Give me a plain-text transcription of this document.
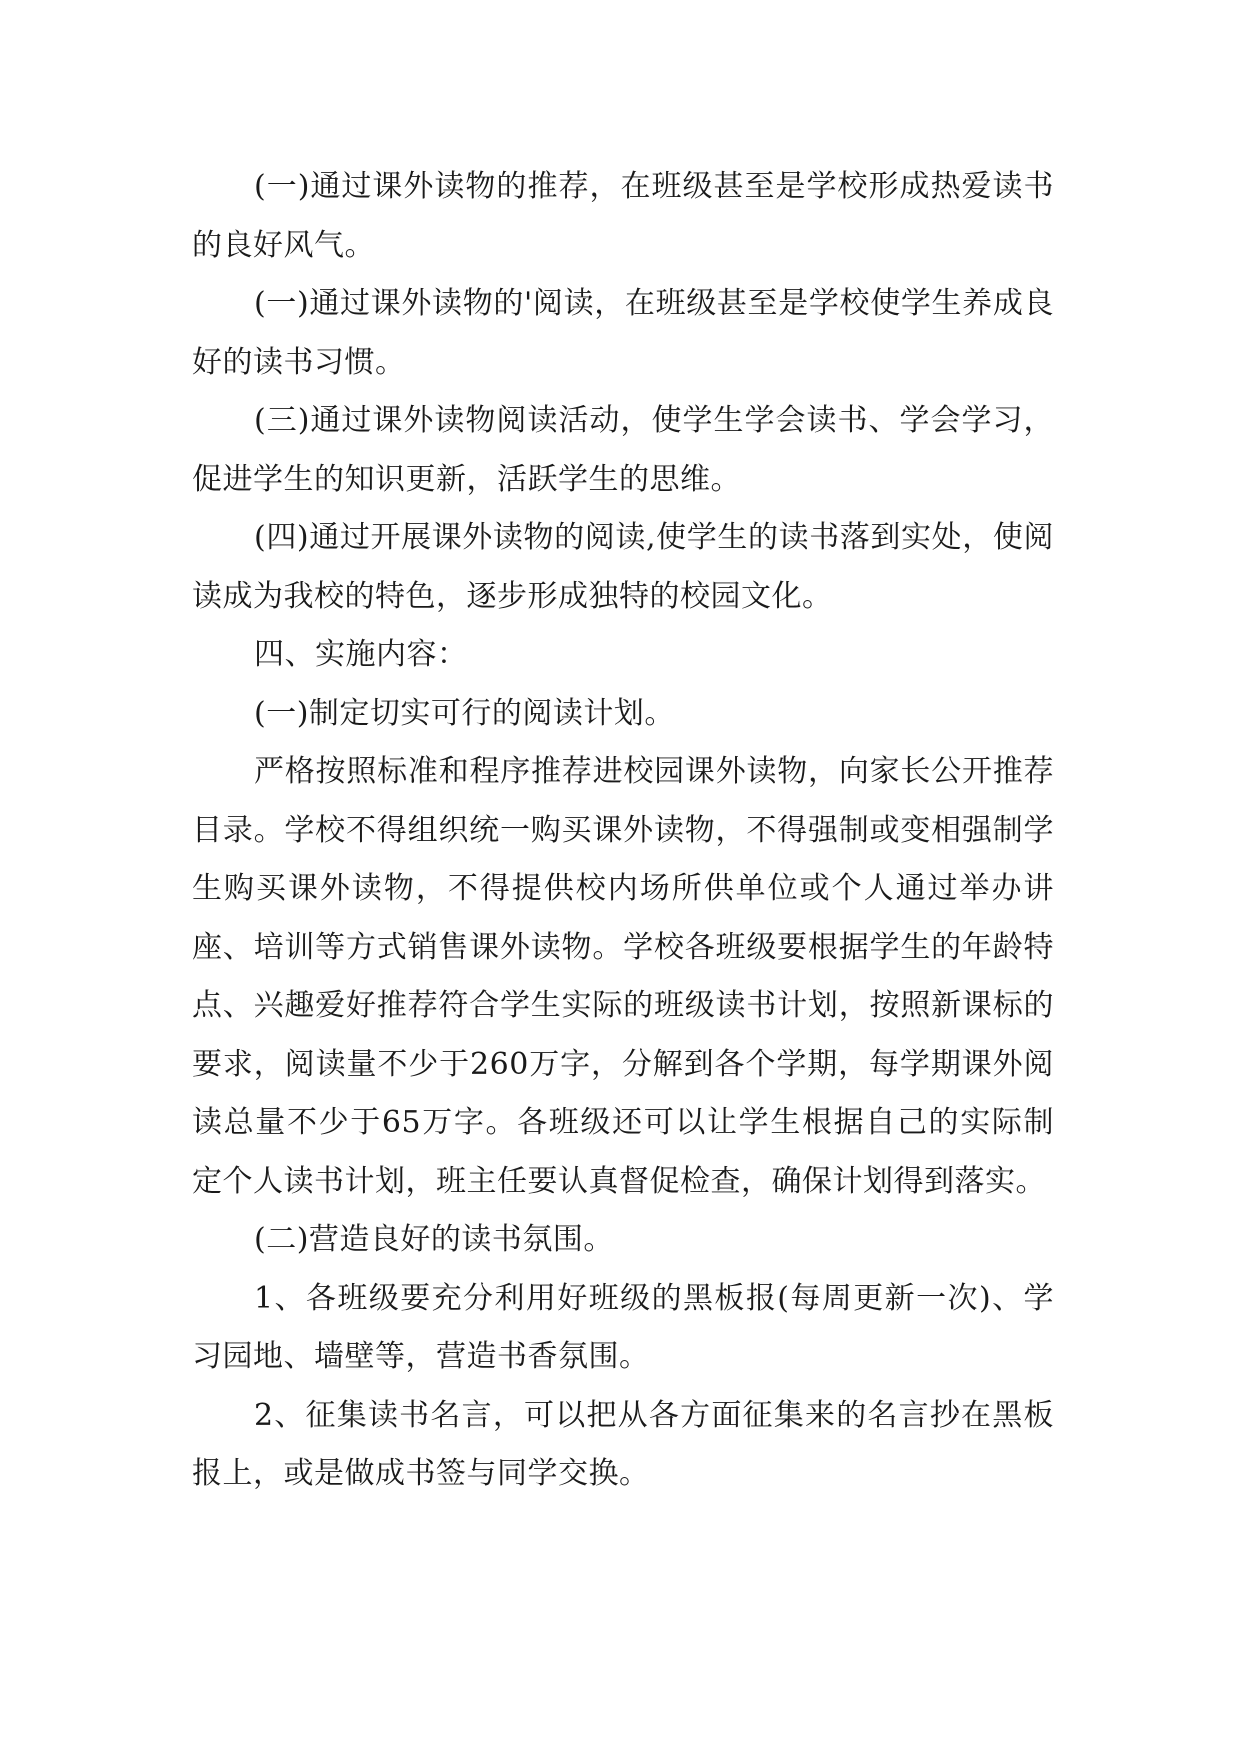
(一)通过课外读物的推荐，在班级甚至是学校形成热爱读书的良好风气。

(一)通过课外读物的'阅读，在班级甚至是学校使学生养成良好的读书习惯。

(三)通过课外读物阅读活动，使学生学会读书、学会学习，促进学生的知识更新，活跃学生的思维。

(四)通过开展课外读物的阅读,使学生的读书落到实处，使阅读成为我校的特色，逐步形成独特的校园文化。

四、实施内容：

(一)制定切实可行的阅读计划。

严格按照标准和程序推荐进校园课外读物，向家长公开推荐目录。学校不得组织统一购买课外读物，不得强制或变相强制学生购买课外读物，不得提供校内场所供单位或个人通过举办讲座、培训等方式销售课外读物。学校各班级要根据学生的年龄特点、兴趣爱好推荐符合学生实际的班级读书计划，按照新课标的要求，阅读量不少于260万字，分解到各个学期，每学期课外阅读总量不少于65万字。各班级还可以让学生根据自己的实际制定个人读书计划，班主任要认真督促检查，确保计划得到落实。

(二)营造良好的读书氛围。

1、各班级要充分利用好班级的黑板报(每周更新一次)、学习园地、墙壁等，营造书香氛围。

2、征集读书名言，可以把从各方面征集来的名言抄在黑板报上，或是做成书签与同学交换。
